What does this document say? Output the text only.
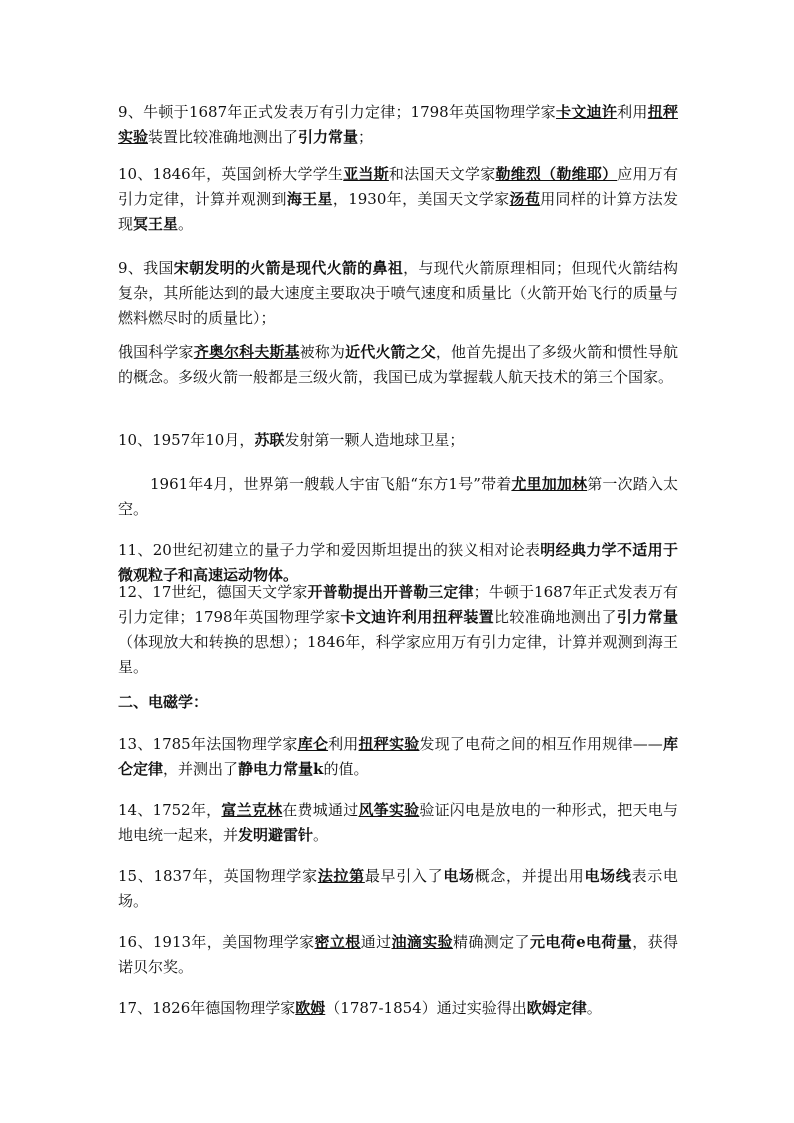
9、牛顿于1687年正式发表万有引力定律；1798年英国物理学家卡文迪许利用扭秤实验装置比较准确地测出了引力常量；

10、1846年，英国剑桥大学学生亚当斯和法国天文学家勒维烈（勒维耶）应用万有引力定律，计算并观测到海王星，1930年，美国天文学家汤苞用同样的计算方法发现冥王星。

9、我国宋朝发明的火箭是现代火箭的鼻祖，与现代火箭原理相同；但现代火箭结构复杂，其所能达到的最大速度主要取决于喷气速度和质量比（火箭开始飞行的质量与燃料燃尽时的质量比）；

俄国科学家齐奥尔科夫斯基被称为近代火箭之父，他首先提出了多级火箭和惯性导航的概念。多级火箭一般都是三级火箭，我国已成为掌握载人航天技术的第三个国家。

10、1957年10月，苏联发射第一颗人造地球卫星；

1961年4月，世界第一艘载人宇宙飞船“东方1号”带着尤里加加林第一次踏入太空。

11、20世纪初建立的量子力学和爱因斯坦提出的狭义相对论表明经典力学不适用于微观粒子和高速运动物体。

12、17世纪，德国天文学家开普勒提出开普勒三定律；牛顿于1687年正式发表万有引力定律；1798年英国物理学家卡文迪许利用扭秤装置比较准确地测出了引力常量（体现放大和转换的思想）；1846年，科学家应用万有引力定律，计算并观测到海王星。

二、电磁学：

13、1785年法国物理学家库仑利用扭秤实验发现了电荷之间的相互作用规律——库仑定律，并测出了静电力常量k的值。

14、1752年，富兰克林在费城通过风筝实验验证闪电是放电的一种形式，把天电与地电统一起来，并发明避雷针。

15、1837年，英国物理学家法拉第最早引入了电场概念，并提出用电场线表示电场。

16、1913年，美国物理学家密立根通过油滴实验精确测定了元电荷e电荷量，获得诺贝尔奖。

17、1826年德国物理学家欧姆（1787-1854）通过实验得出欧姆定律。
